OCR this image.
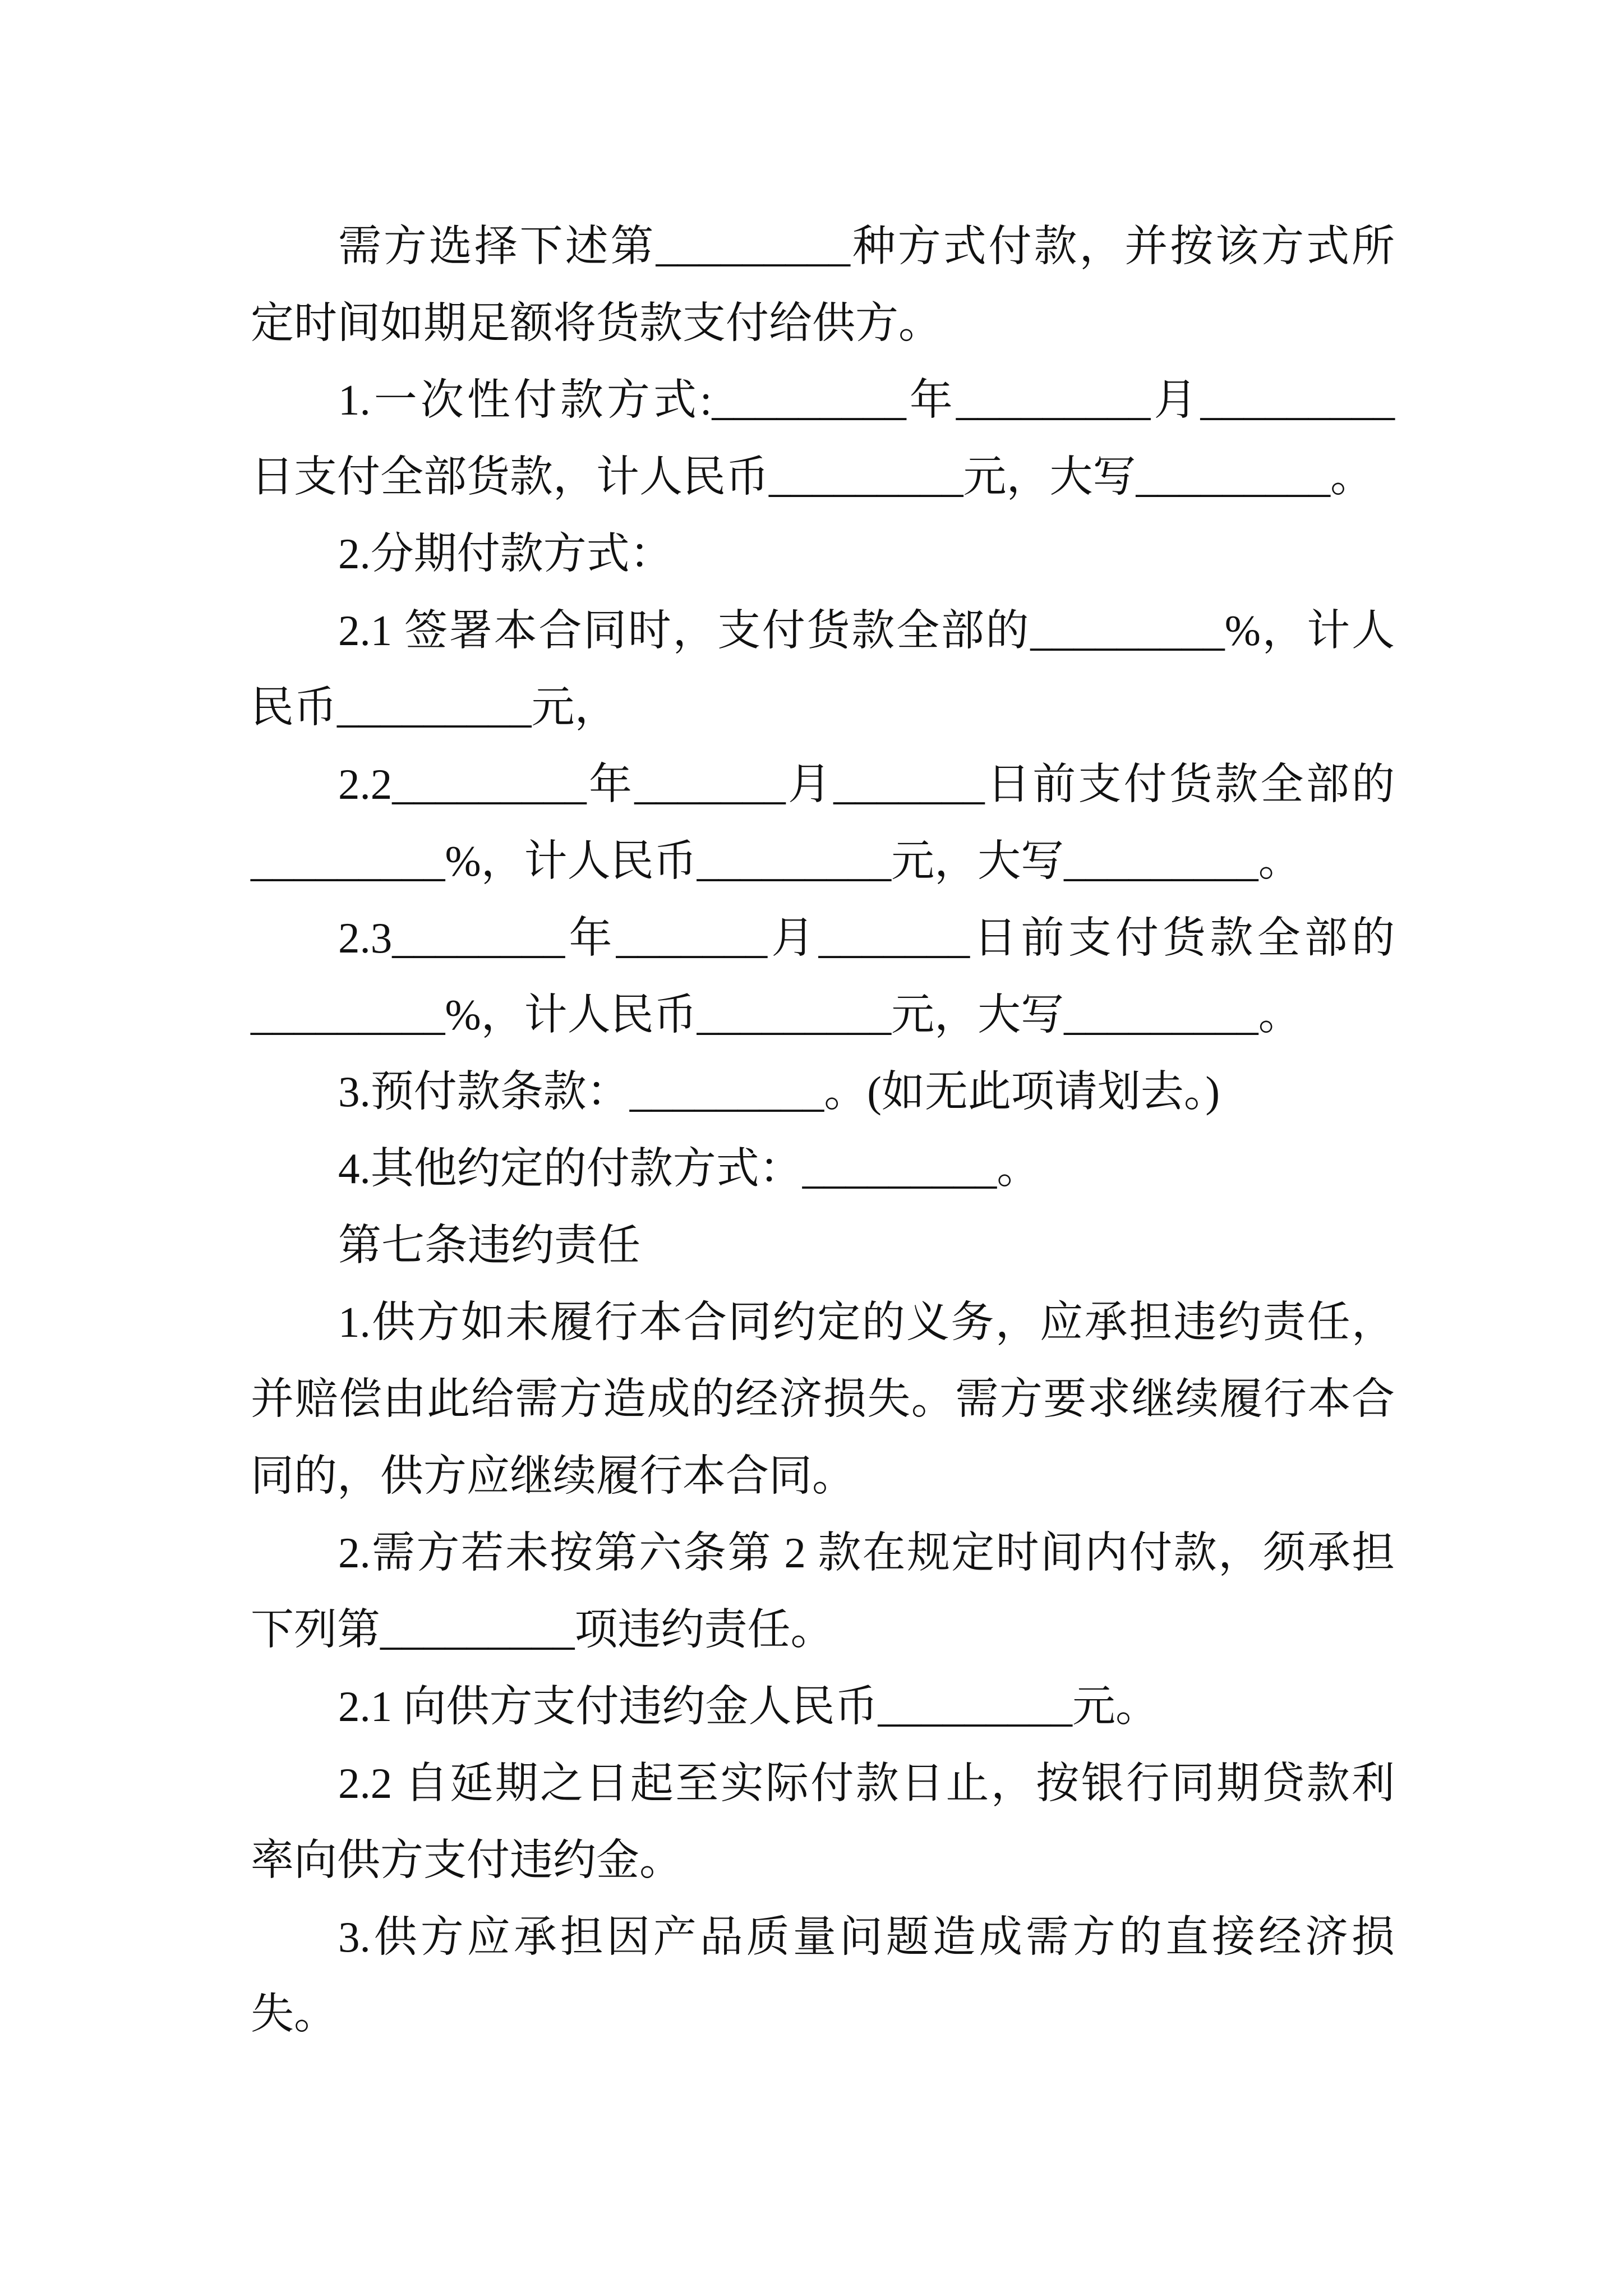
需方选择下述第_________种方式付款，并按该方式所
定时间如期足额将货款支付给供方。
1.一次性付款方式:_________年_________月_________
日支付全部货款，计人民币_________元，大写_________。
2.分期付款方式：
2.1 签署本合同时，支付货款全部的_________%，计人
民币_________元，
2.2_________年_______月_______日前支付货款全部的
_________%，计人民币_________元，大写_________。
2.3________年_______月_______日前支付货款全部的
_________%，计人民币_________元，大写_________。
3.预付款条款：_________。(如无此项请划去。)
4.其他约定的付款方式：_________。
第七条违约责任
1.供方如未履行本合同约定的义务，应承担违约责任，
并赔偿由此给需方造成的经济损失。需方要求继续履行本合
同的，供方应继续履行本合同。
2.需方若未按第六条第 2 款在规定时间内付款，须承担
下列第_________项违约责任。
2.1 向供方支付违约金人民币_________元。
2.2 自延期之日起至实际付款日止，按银行同期贷款利
率向供方支付违约金。
3.供方应承担因产品质量问题造成需方的直接经济损
失。
